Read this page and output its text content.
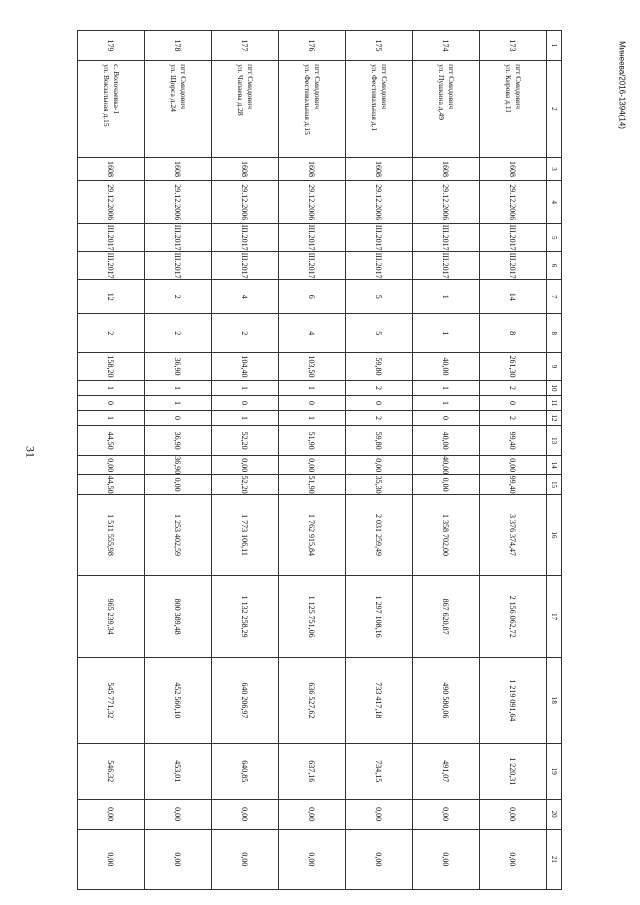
31
Минеева/2016-1394(14)
1	2	3	4	5	6	7	8	9	10	11	12	13	14	15	16	17	18	19	20	21
173	пгт Смидович
ул. Кирова д.11	1608	29.12.2006	III.2017	III.2017	14	8	261,30	2	0	2	99,40	0,00	99,40	3 376 374,47	2 156 062,72	1 219 091,64	1 220,31	0,00	0,00
174	пгт Смидович
ул. Пушкина д.49	1608	29.12.2006	III.2017	III.2017	1	1	40,00	1	1	0	40,00	40,00	0,00	1 358 702,00	867 620,87	490 580,06	491,07	0,00	0,00
175	пгт Смидович
ул. Фестивальная д.1	1608	29.12.2006	III.2017	III.2017	5	5	59,80	2	0	2	59,80	0,00	35,30	2 031 259,49	1 297 108,16	733 417,18	734,15	0,00	0,00
176	пгт Смидович
ул. Фестивальная д.15	1608	29.12.2006	III.2017	III.2017	6	4	103,50	1	0	1	51,90	0,00	51,90	1 762 915,84	1 125 751,06	636 527,62	637,16	0,00	0,00
177	пгт Смидович
ул. Чапаева д.28	1608	29.12.2006	III.2017	III.2017	4	2	104,40	1	0	1	52,20	0,00	52,20	1 773 106,11	1 132 258,29	640 206,97	640,85	0,00	0,00
178	пгт Смидович
ул. Щорса д.24	1608	29.12.2006	III.2017	III.2017	2	2	36,90	1	1	0	36,90	36,90	0,00	1 253 402,59	800 389,48	452 560,10	453,01	0,00	0,00
179	с. Волочаевка-1
ул. Вокзальная д.15	1608	29.12.2006	III.2017	III.2017	12	2	158,20	1	0	1	44,50	0,00	44,50	1 511 555,98	965 239,34	545 771,32	546,32	0,00	0,00
